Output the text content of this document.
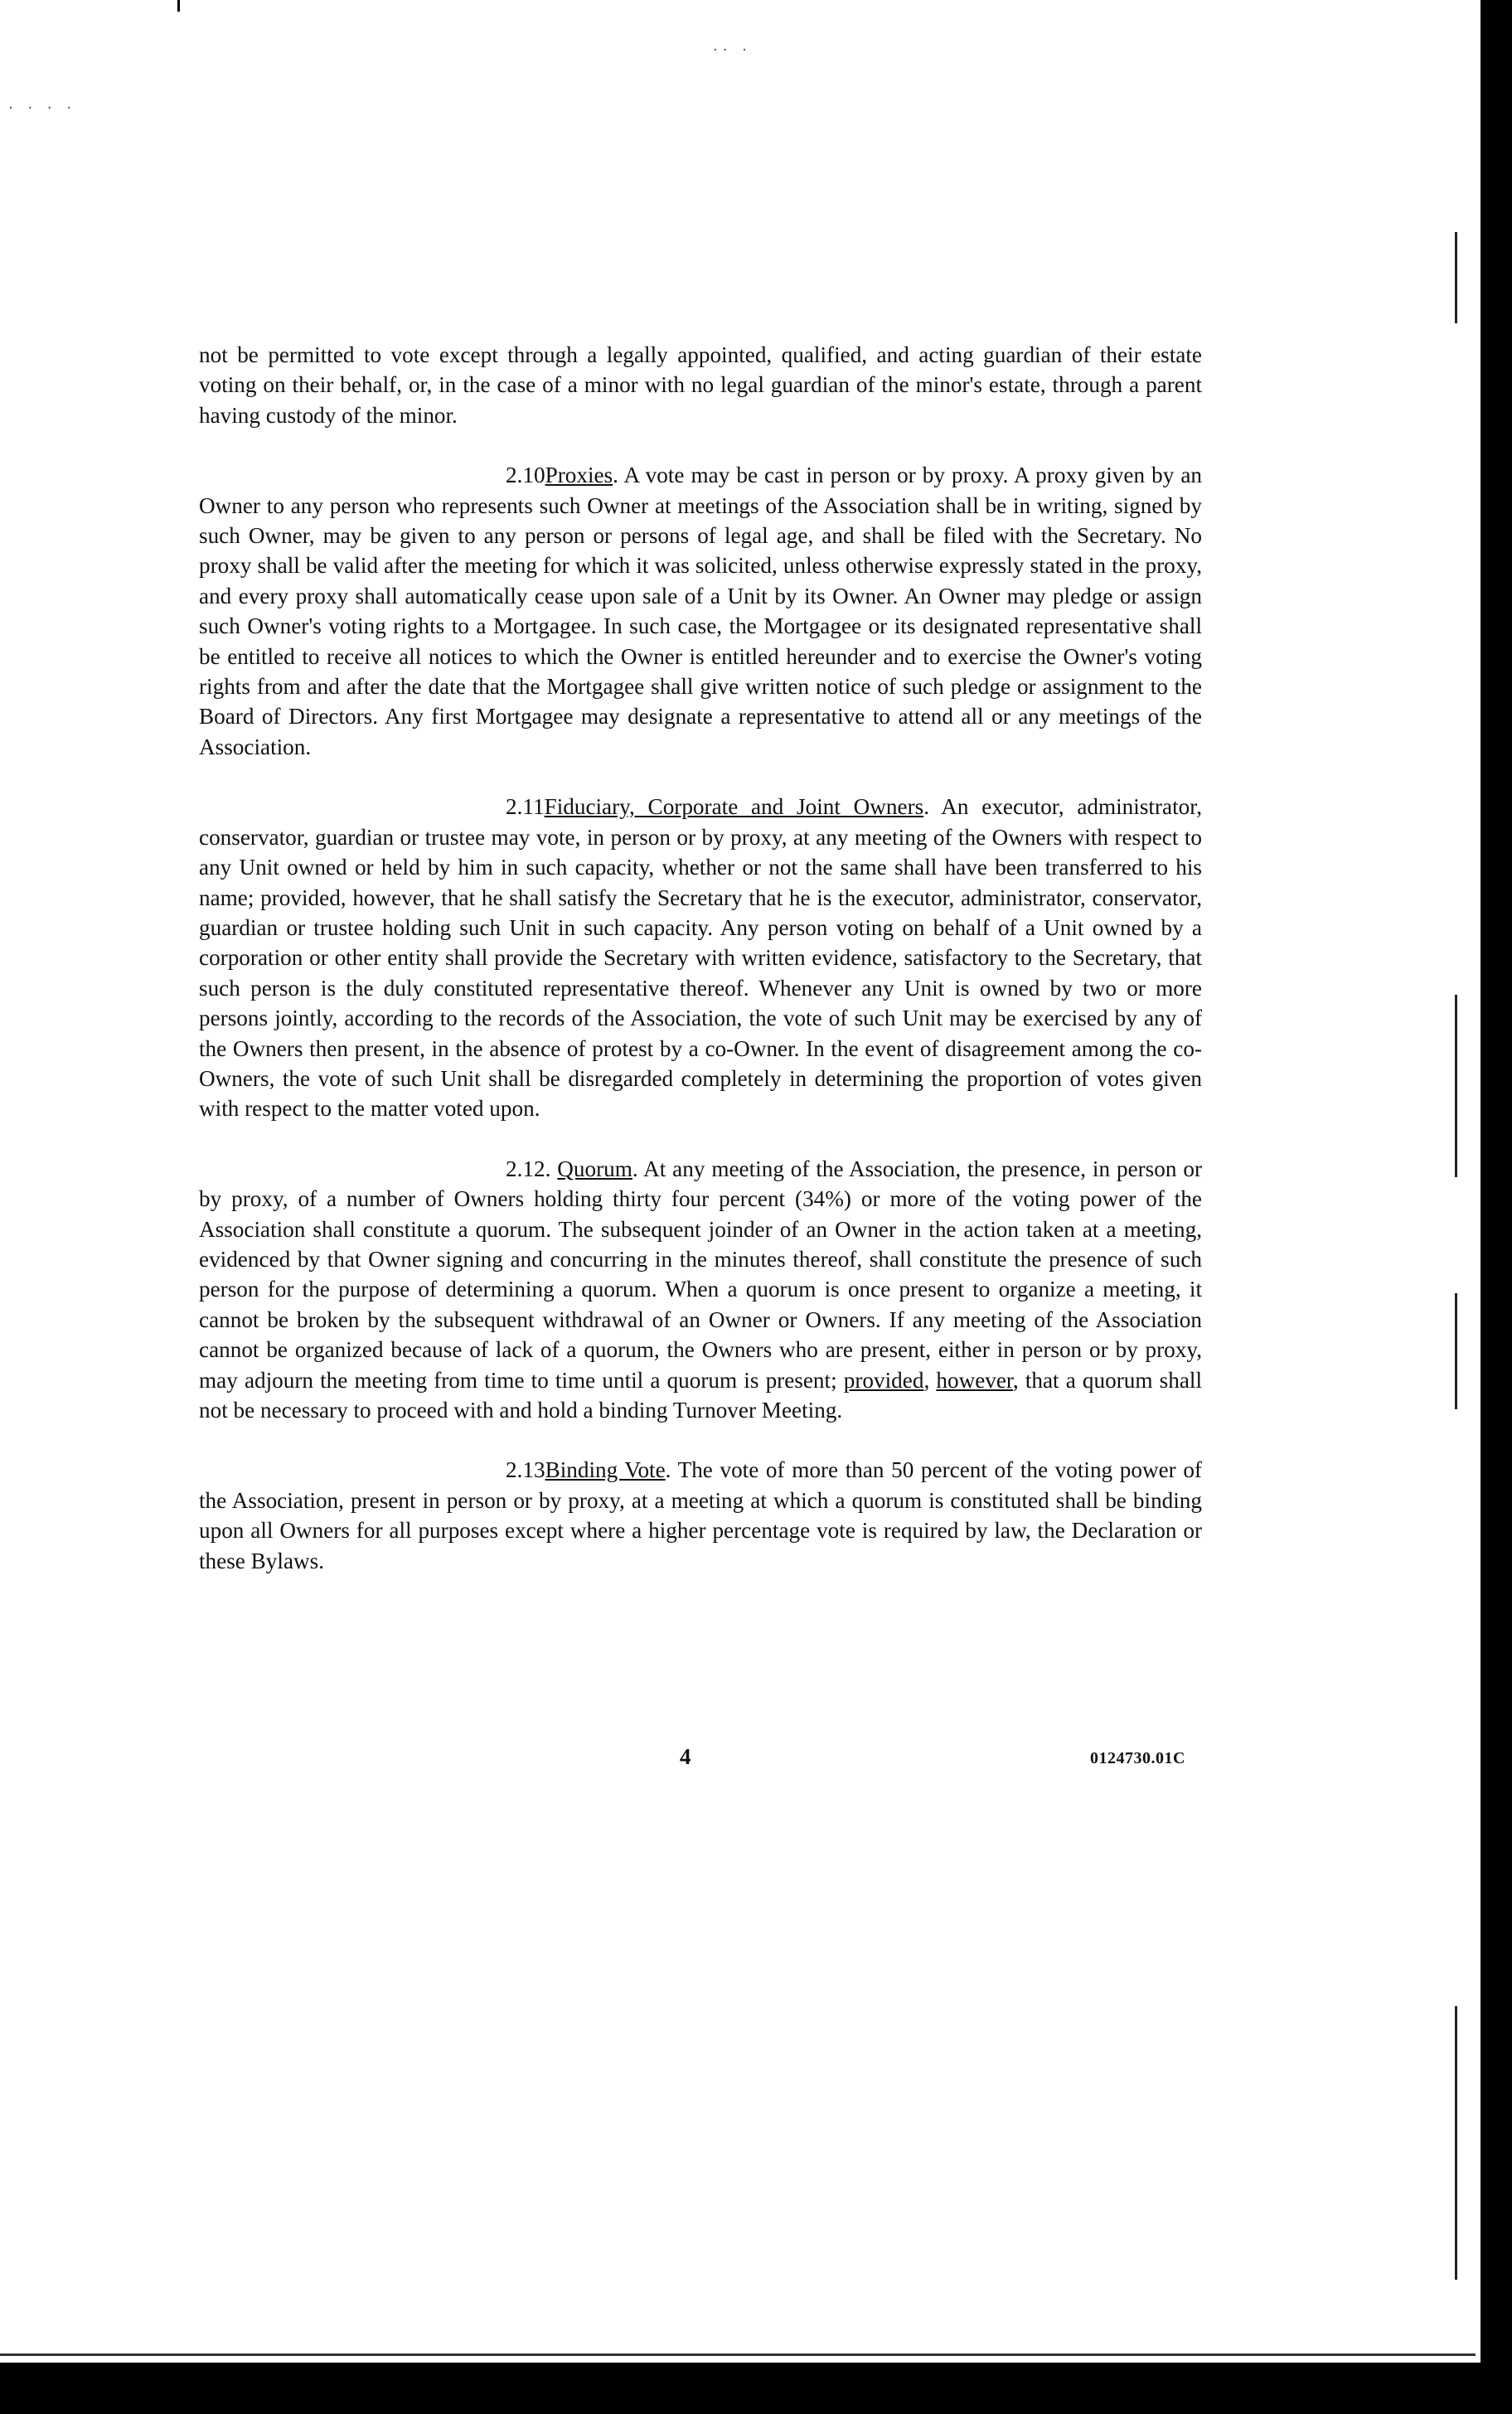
·· ·
· · · ·

not be permitted to vote except through a legally appointed, qualified, and acting guardian of their estate voting on their behalf, or, in the case of a minor with no legal guardian of the minor's estate, through a parent having custody of the minor.

2.10Proxies. A vote may be cast in person or by proxy. A proxy given by an Owner to any person who represents such Owner at meetings of the Association shall be in writing, signed by such Owner, may be given to any person or persons of legal age, and shall be filed with the Secretary. No proxy shall be valid after the meeting for which it was solicited, unless otherwise expressly stated in the proxy, and every proxy shall automatically cease upon sale of a Unit by its Owner. An Owner may pledge or assign such Owner's voting rights to a Mortgagee. In such case, the Mortgagee or its designated representative shall be entitled to receive all notices to which the Owner is entitled hereunder and to exercise the Owner's voting rights from and after the date that the Mortgagee shall give written notice of such pledge or assignment to the Board of Directors. Any first Mortgagee may designate a representative to attend all or any meetings of the Association.

2.11Fiduciary, Corporate and Joint Owners. An executor, administrator, conservator, guardian or trustee may vote, in person or by proxy, at any meeting of the Owners with respect to any Unit owned or held by him in such capacity, whether or not the same shall have been transferred to his name; provided, however, that he shall satisfy the Secretary that he is the executor, administrator, conservator, guardian or trustee holding such Unit in such capacity. Any person voting on behalf of a Unit owned by a corporation or other entity shall provide the Secretary with written evidence, satisfactory to the Secretary, that such person is the duly constituted representative thereof. Whenever any Unit is owned by two or more persons jointly, according to the records of the Association, the vote of such Unit may be exercised by any of the Owners then present, in the absence of protest by a co-Owner. In the event of disagreement among the co-Owners, the vote of such Unit shall be disregarded completely in determining the proportion of votes given with respect to the matter voted upon.

2.12. Quorum. At any meeting of the Association, the presence, in person or by proxy, of a number of Owners holding thirty four percent (34%) or more of the voting power of the Association shall constitute a quorum. The subsequent joinder of an Owner in the action taken at a meeting, evidenced by that Owner signing and concurring in the minutes thereof, shall constitute the presence of such person for the purpose of determining a quorum. When a quorum is once present to organize a meeting, it cannot be broken by the subsequent withdrawal of an Owner or Owners. If any meeting of the Association cannot be organized because of lack of a quorum, the Owners who are present, either in person or by proxy, may adjourn the meeting from time to time until a quorum is present; provided, however, that a quorum shall not be necessary to proceed with and hold a binding Turnover Meeting.

2.13Binding Vote. The vote of more than 50 percent of the voting power of the Association, present in person or by proxy, at a meeting at which a quorum is constituted shall be binding upon all Owners for all purposes except where a higher percentage vote is required by law, the Declaration or these Bylaws.

4	0124730.01C
